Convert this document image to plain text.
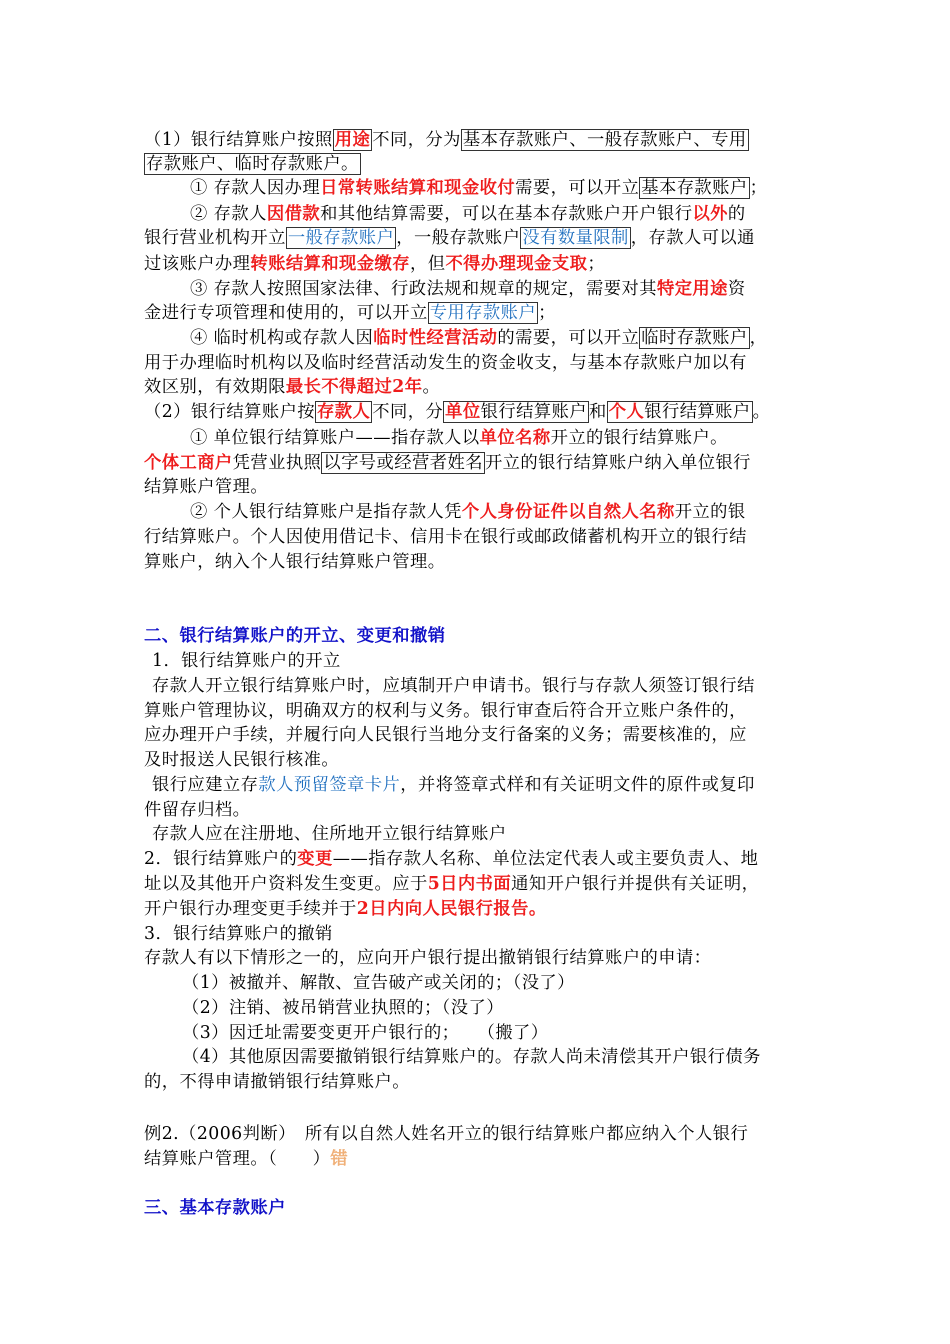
（1）银行结算账户按照 用途 不同，分为 基本存款账户、一般存款账户、专用
存款账户、临时存款账户。
① 存款人因办理日常转账结算和现金收付需要，可以开立 基本存款账户 ；
② 存款人因借款和其他结算需要，可以在基本存款账户开户银行以外的
银行营业机构开立 一般存款账户 ，一般存款账户 没有数量限制 ，存款人可以通
过该账户办理转账结算和现金缴存，但不得办理现金支取；
③ 存款人按照国家法律、行政法规和规章的规定，需要对其特定用途资
金进行专项管理和使用的，可以开立 专用存款账户 ；
④ 临时机构或存款人因临时性经营活动的需要，可以开立 临时存款账户 ，
用于办理临时机构以及临时经营活动发生的资金收支，与基本存款账户加以有
效区别，有效期限最长不得超过2年。
（2）银行结算账户按 存款人 不同，分 单位银行结算账户 和 个人银行结算账户 。
① 单位银行结算账户——指存款人以单位名称开立的银行结算账户。
个体工商户凭营业执照 以字号或经营者姓名 开立的银行结算账户纳入单位银行
结算账户管理。
② 个人银行结算账户是指存款人凭个人身份证件以自然人名称开立的银
行结算账户。个人因使用借记卡、信用卡在银行或邮政储蓄机构开立的银行结
算账户，纳入个人银行结算账户管理。
二、银行结算账户的开立、变更和撤销
1．银行结算账户的开立
存款人开立银行结算账户时，应填制开户申请书。银行与存款人须签订银行结
算账户管理协议，明确双方的权利与义务。银行审查后符合开立账户条件的，
应办理开户手续，并履行向人民银行当地分支行备案的义务；需要核准的，应
及时报送人民银行核准。
银行应建立存款人预留签章卡片，并将签章式样和有关证明文件的原件或复印
件留存归档。
存款人应在注册地、住所地开立银行结算账户
2．银行结算账户的变更——指存款人名称、单位法定代表人或主要负责人、地
址以及其他开户资料发生变更。应于5日内书面通知开户银行并提供有关证明，
开户银行办理变更手续并于2日内向人民银行报告。
3．银行结算账户的撤销
存款人有以下情形之一的，应向开户银行提出撤销银行结算账户的申请：
（1）被撤并、解散、宣告破产或关闭的；（没了）
（2）注销、被吊销营业执照的；（没了）
（3）因迁址需要变更开户银行的；　　（搬了）
（4）其他原因需要撤销银行结算账户的。存款人尚未清偿其开户银行债务
的，不得申请撤销银行结算账户。
例2.（2006判断）　所有以自然人姓名开立的银行结算账户都应纳入个人银行
结算账户管理。（　　）错
三、基本存款账户
